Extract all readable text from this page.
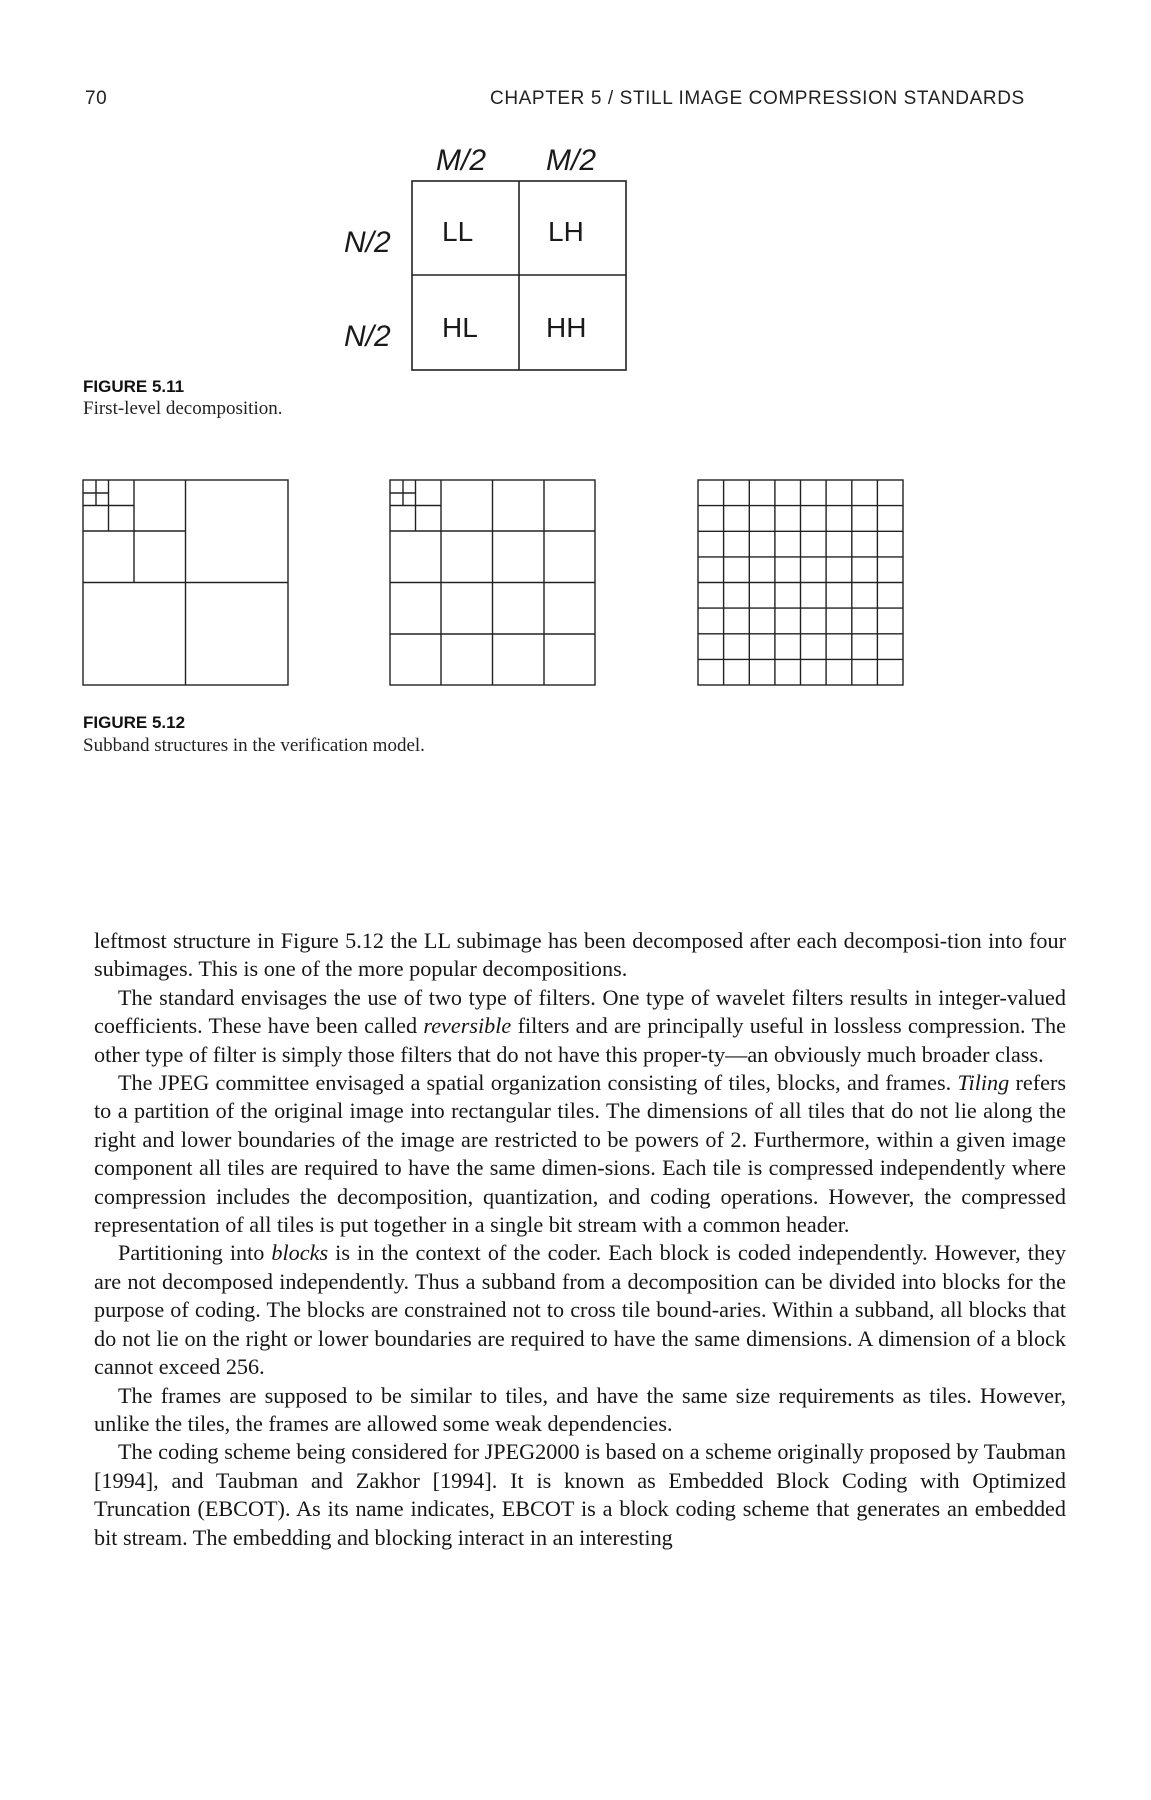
70	CHAPTER 5 / STILL IMAGE COMPRESSION STANDARDS
M/2 M/2
N/2
N/2
LL	LH
HL HH
FIGURE 5.11
First-level decomposition.
FIGURE 5.12
Subband structures in the verification model.

leftmost structure in Figure 5.12 the LL subimage has been decomposed after each decomposi-tion into four subimages. This is one of the more popular decompositions.

The standard envisages the use of two type of filters. One type of wavelet filters results in integer-valued coefficients. These have been called reversible filters and are principally useful in lossless compression. The other type of filter is simply those filters that do not have this proper-ty—an obviously much broader class.

The JPEG committee envisaged a spatial organization consisting of tiles, blocks, and frames. Tiling refers to a partition of the original image into rectangular tiles. The dimensions of all tiles that do not lie along the right and lower boundaries of the image are restricted to be powers of 2. Furthermore, within a given image component all tiles are required to have the same dimen-sions. Each tile is compressed independently where compression includes the decomposition, quantization, and coding operations. However, the compressed representation of all tiles is put together in a single bit stream with a common header.

Partitioning into blocks is in the context of the coder. Each block is coded independently. However, they are not decomposed independently. Thus a subband from a decomposition can be divided into blocks for the purpose of coding. The blocks are constrained not to cross tile bound-aries. Within a subband, all blocks that do not lie on the right or lower boundaries are required to have the same dimensions. A dimension of a block cannot exceed 256.

The frames are supposed to be similar to tiles, and have the same size requirements as tiles. However, unlike the tiles, the frames are allowed some weak dependencies.

The coding scheme being considered for JPEG2000 is based on a scheme originally proposed by Taubman [1994], and Taubman and Zakhor [1994]. It is known as Embedded Block Coding with Optimized Truncation (EBCOT). As its name indicates, EBCOT is a block coding scheme that generates an embedded bit stream. The embedding and blocking interact in an interesting
